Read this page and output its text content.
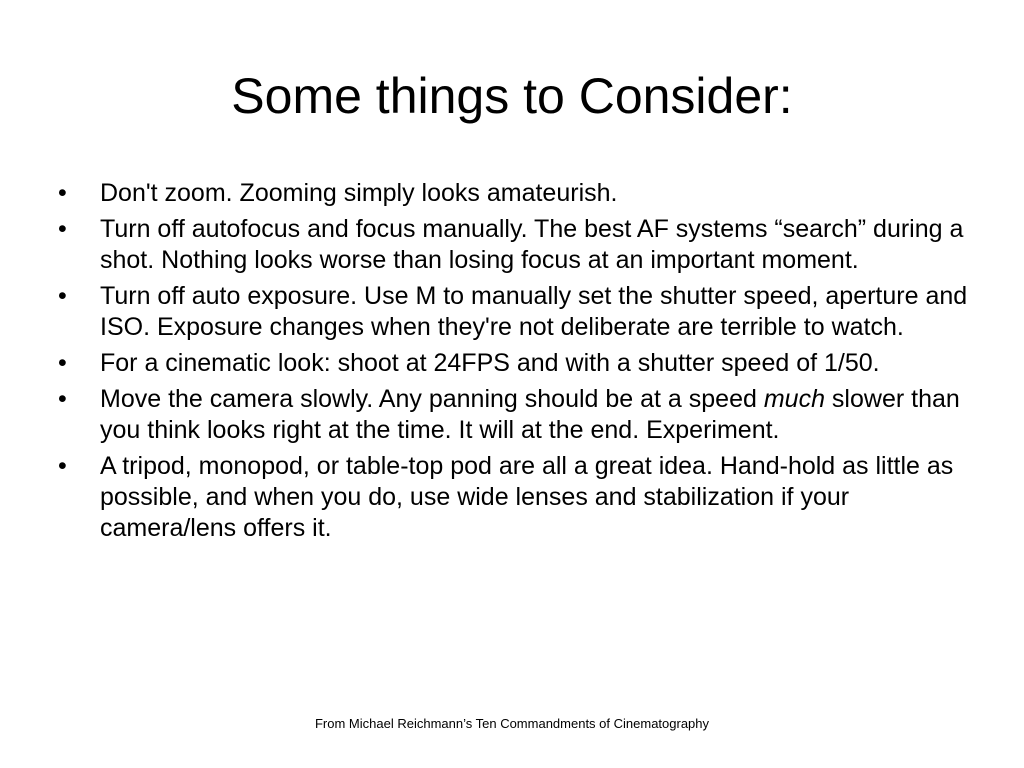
Some things to Consider:
•	Don't zoom. Zooming simply looks amateurish.
•	Turn off autofocus and focus manually. The best AF systems “search” during a shot. Nothing looks worse than losing focus at an important moment.
•	Turn off auto exposure. Use M to manually set the shutter speed, aperture and ISO. Exposure changes when they're not deliberate are terrible to watch.
•	For a cinematic look: shoot at 24FPS and with a shutter speed of 1/50.
•	Move the camera slowly. Any panning should be at a speed much slower than you think looks right at the time. It will at the end. Experiment.
•	A tripod, monopod, or table-top pod are all a great idea. Hand-hold as little as possible, and when you do, use wide lenses and stabilization if your camera/lens offers it.
From Michael Reichmann’s Ten Commandments of Cinematography
